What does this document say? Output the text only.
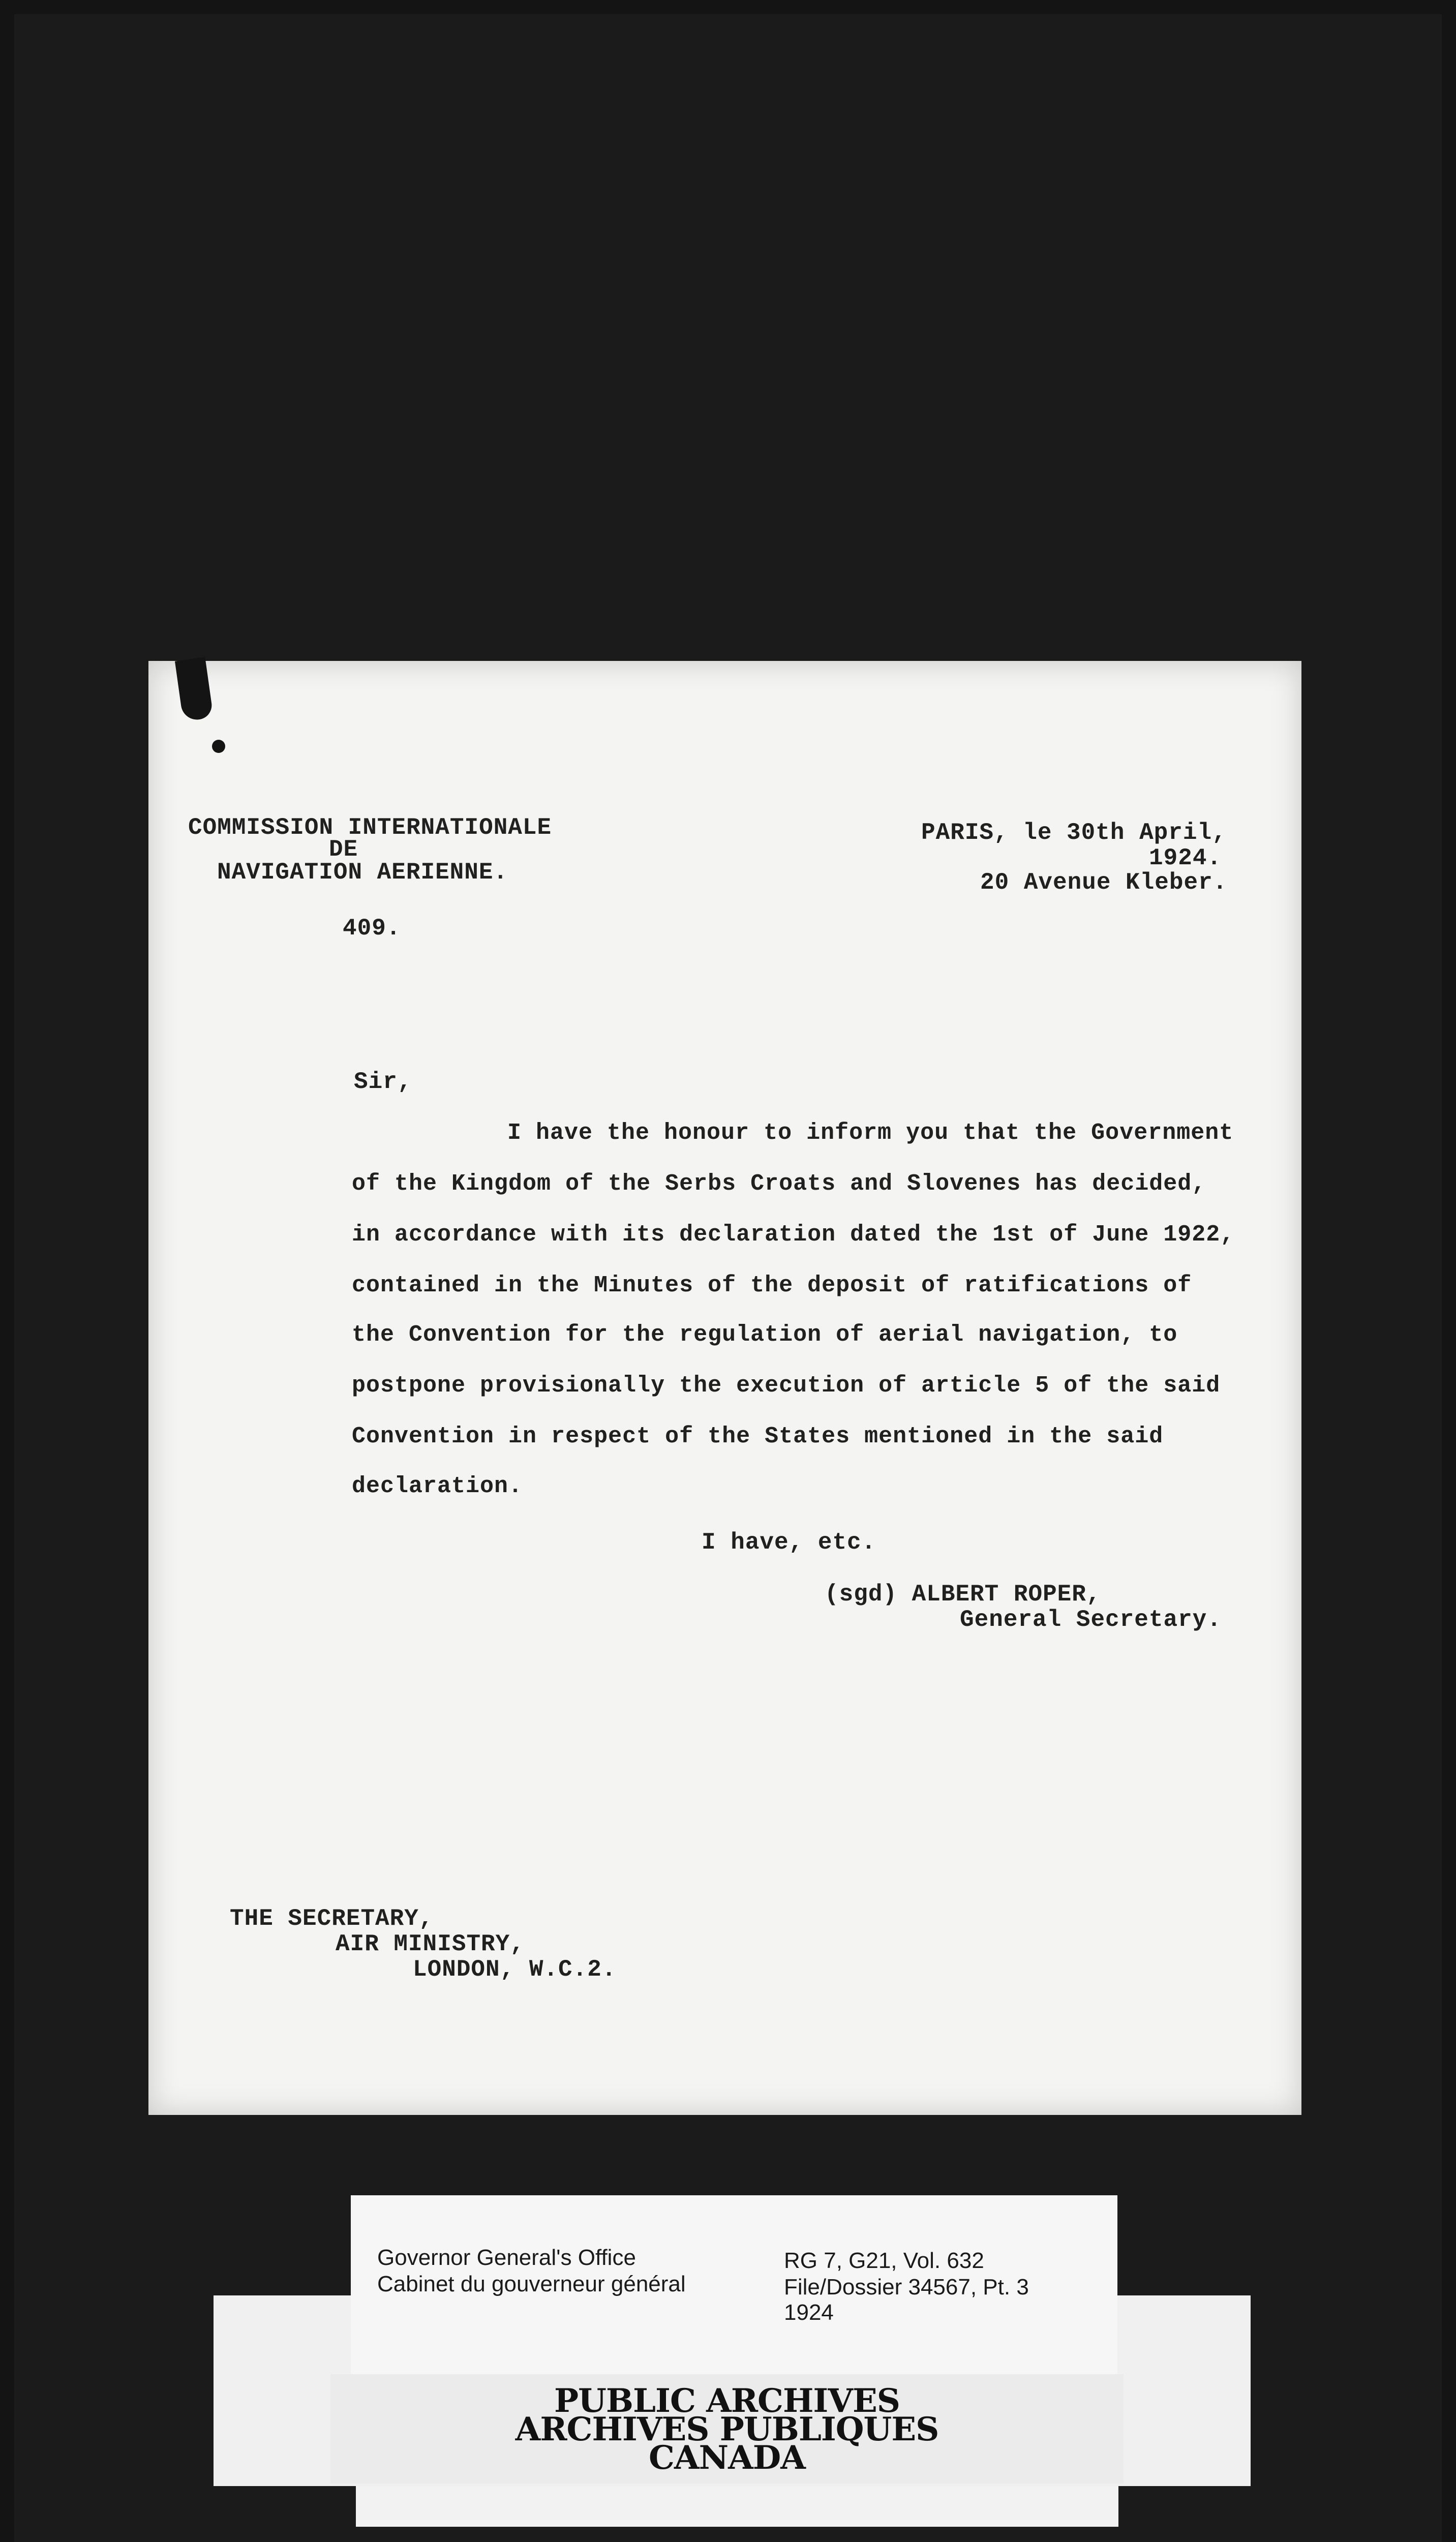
COMMISSION INTERNATIONALE
DE
NAVIGATION AERIENNE.
409.
PARIS, le 30th April,
1924.
20 Avenue Kleber.
Sir,
I have the honour to inform you that the Government
of the Kingdom of the Serbs Croats and Slovenes has decided,
in accordance with its declaration dated the 1st of June 1922,
contained in the Minutes of the deposit of ratifications of
the Convention for the regulation of aerial navigation, to
postpone provisionally the execution of article 5 of the said
Convention in respect of the States mentioned in the said
declaration.
I have, etc.
(sgd) ALBERT ROPER,
General Secretary.
THE SECRETARY,
AIR MINISTRY,
LONDON, W.C.2.
Governor General's Office
Cabinet du gouverneur général
RG 7, G21, Vol. 632
File/Dossier 34567, Pt. 3
1924
PUBLIC ARCHIVES
ARCHIVES PUBLIQUES
CANADA
